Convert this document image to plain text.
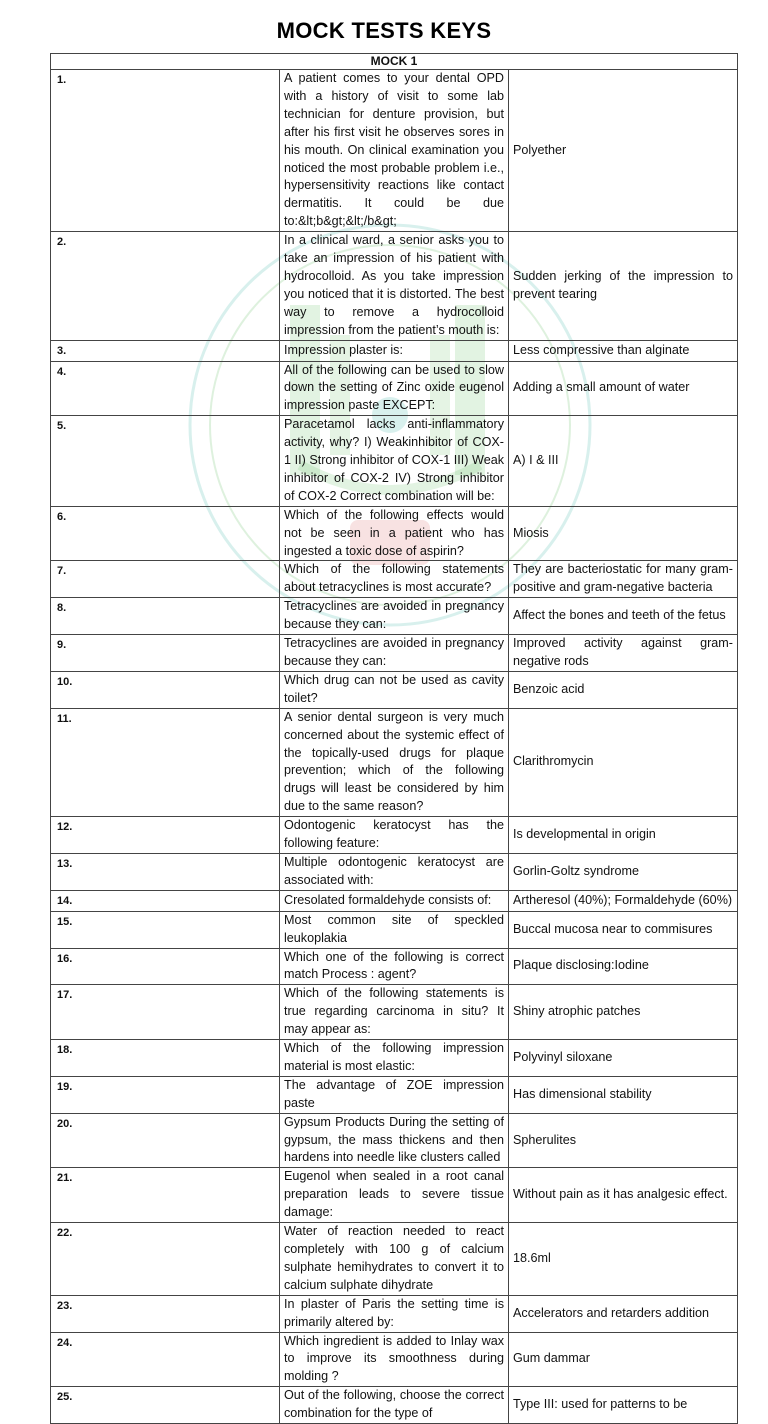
MOCK TESTS KEYS
MOCK 1		
1.	A patient comes to your dental OPD with a history of visit to some lab technician for denture provision, but after his first visit he observes sores in his mouth. On clinical examination you noticed the most probable problem i.e., hypersensitivity reactions like contact dermatitis. It could be due to:&lt;b&gt;&lt;/b&gt;	Polyether
2.	In a clinical ward, a senior asks you to take an impression of his patient with hydrocolloid. As you take impression you noticed that it is distorted. The best way to remove a hydrocolloid impression from the patient’s mouth is:	Sudden jerking of the impression to prevent tearing
3.	Impression plaster is:	Less compressive than alginate
4.	All of the following can be used to slow down the setting of Zinc oxide eugenol impression paste EXCEPT:	Adding a small amount of water
5.	Paracetamol lacks anti-inflammatory activity, why? I) Weakinhibitor of COX-1 II) Strong inhibitor of COX-1 III) Weak inhibitor of COX-2 IV) Strong inhibitor of COX-2 Correct combination will be:	A) I & III
6.	Which of the following effects would not be seen in a patient who has ingested a toxic dose of aspirin?	Miosis
7.	Which of the following statements about tetracyclines is most accurate?	They are bacteriostatic for many gram-positive and gram-negative bacteria
8.	Tetracyclines are avoided in pregnancy because they can:	Affect the bones and teeth of the fetus
9.	Tetracyclines are avoided in pregnancy because they can:	Improved activity against gram-negative rods
10.	Which drug can not be used as cavity toilet?	Benzoic acid
11.	A senior dental surgeon is very much concerned about the systemic effect of the topically-used drugs for plaque prevention; which of the following drugs will least be considered by him due to the same reason?	Clarithromycin
12.	Odontogenic keratocyst has the following feature:	Is developmental in origin
13.	Multiple odontogenic keratocyst are associated with:	Gorlin-Goltz syndrome
14.	Cresolated formaldehyde consists of:	Artheresol (40%); Formaldehyde (60%)
15.	Most common site of speckled leukoplakia	Buccal mucosa near to commisures
16.	Which one of the following is correct match Process : agent?	Plaque disclosing:Iodine
17.	Which of the following statements is true regarding carcinoma in situ? It may appear as:	Shiny atrophic patches
18.	Which of the following impression material is most elastic:	Polyvinyl siloxane
19.	The advantage of ZOE impression paste	Has dimensional stability
20.	Gypsum Products During the setting of gypsum, the mass thickens and then hardens into needle like clusters called	Spherulites
21.	Eugenol when sealed in a root canal preparation leads to severe tissue damage:	Without pain as it has analgesic effect.
22.	Water of reaction needed to react completely with 100 g of calcium sulphate hemihydrates to convert it to calcium sulphate dihydrate	18.6ml
23.	In plaster of Paris the setting time is primarily altered by:	Accelerators and retarders addition
24.	Which ingredient is added to Inlay wax to improve its smoothness during molding ?	Gum dammar
25.	Out of the following, choose the correct combination for the type of	Type III: used for patterns to be
